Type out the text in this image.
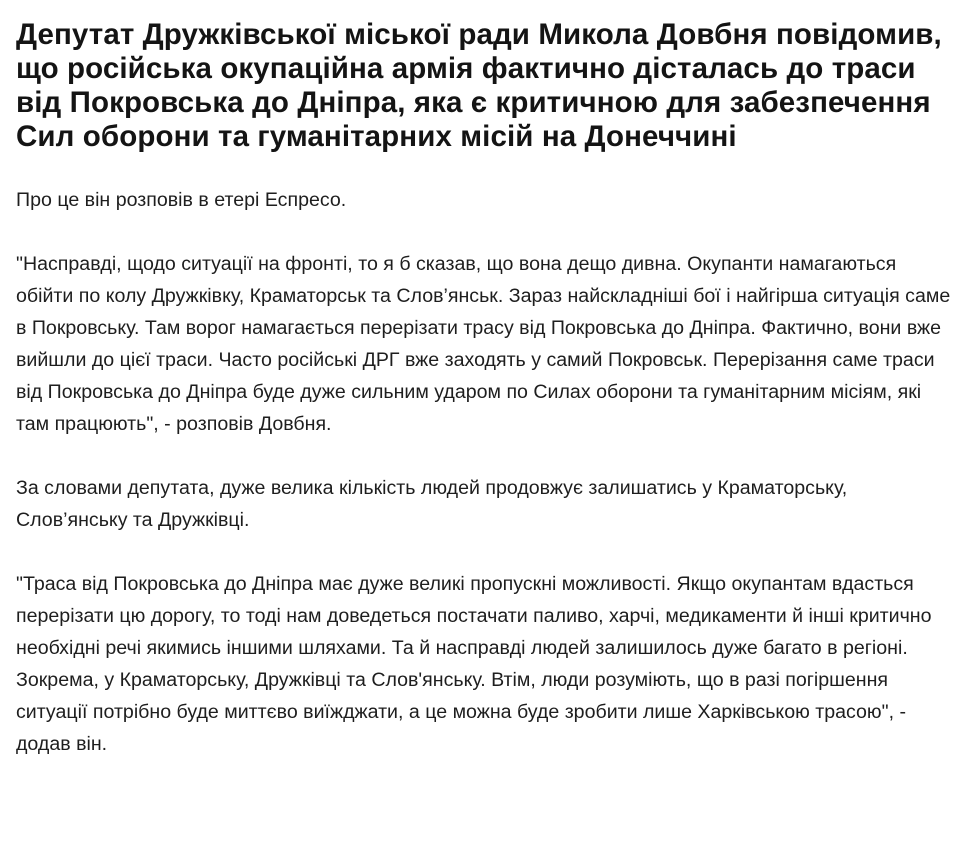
Депутат Дружківської міської ради Микола Довбня повідомив, що російська окупаційна армія фактично дісталась до траси від Покровська до Дніпра, яка є критичною для забезпечення Сил оборони та гуманітарних місій на Донеччині

Про це він розповів в етері Еспресо.

"Насправді, щодо ситуації на фронті, то я б сказав, що вона дещо дивна. Окупанти намагаються обійти по колу Дружківку, Краматорськ та Слов’янськ. Зараз найскладніші бої і найгірша ситуація саме в Покровську. Там ворог намагається перерізати трасу від Покровська до Дніпра. Фактично, вони вже вийшли до цієї траси. Часто російські ДРГ вже заходять у самий Покровськ. Перерізання саме траси від Покровська до Дніпра буде дуже сильним ударом по Силах оборони та гуманітарним місіям, які там працюють", - розповів Довбня.

За словами депутата, дуже велика кількість людей продовжує залишатись у Краматорську, Слов’янську та Дружківці.

"Траса від Покровська до Дніпра має дуже великі пропускні можливості. Якщо окупантам вдасться перерізати цю дорогу, то тоді нам доведеться постачати паливо, харчі, медикаменти й інші критично необхідні речі якимись іншими шляхами. Та й насправді людей залишилось дуже багато в регіоні. Зокрема, у Краматорську, Дружківці та Слов'янську. Втім, люди розуміють, що в разі погіршення ситуації потрібно буде миттєво виїжджати, а це можна буде зробити лише Харківською трасою", - додав він.
